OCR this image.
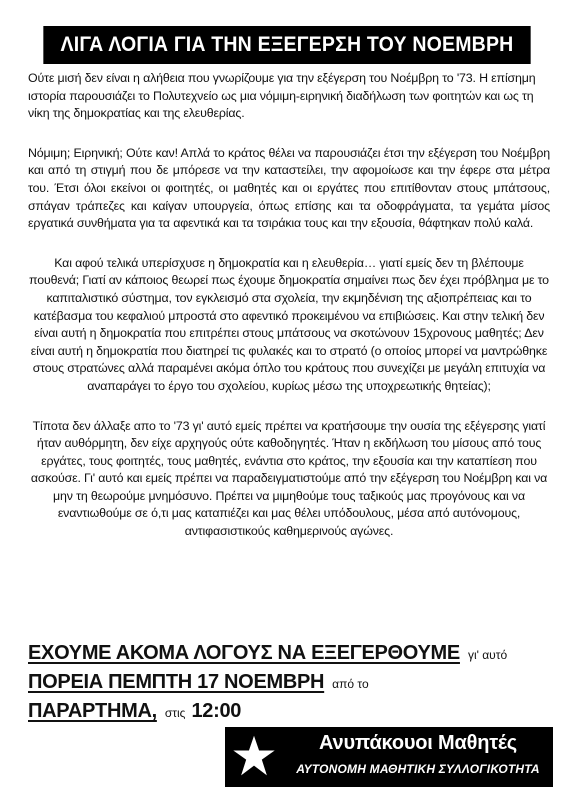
ΛΙΓΑ ΛΟΓΙΑ ΓΙΑ ΤΗΝ ΕΞΕΓΕΡΣΗ ΤΟΥ ΝΟΕΜΒΡΗ

Ούτε μισή δεν είναι η αλήθεια που γνωρίζουμε για την εξέγερση του Νοέμβρη το '73. Η επίσημη ιστορία παρουσιάζει το Πολυτεχνείο ως μια νόμιμη-ειρηνική διαδήλωση των φοιτητών και ως τη νίκη της δημοκρατίας και της ελευθερίας.

Νόμιμη; Ειρηνική; Ούτε καν! Απλά το κράτος θέλει να παρουσιάζει έτσι την εξέγερση του Νοέμβρη και από τη στιγμή που δε μπόρεσε να την καταστείλει, την αφομοίωσε και την έφερε στα μέτρα του. Έτσι όλοι εκείνοι οι φοιτητές, οι μαθητές και οι εργάτες που επιτίθονταν στους μπάτσους, σπάγαν τράπεζες και καίγαν υπουργεία, όπως επίσης και τα οδοφράγματα, τα γεμάτα μίσος εργατικά συνθήματα για τα αφεντικά και τα τσιράκια τους και την εξουσία, θάφτηκαν πολύ καλά.

Και αφού τελικά υπερίσχυσε η δημοκρατία και η ελευθερία… γιατί εμείς δεν τη βλέπουμε πουθενά; Γιατί αν κάποιος θεωρεί πως έχουμε δημοκρατία σημαίνει πως δεν έχει πρόβλημα με το καπιταλιστικό σύστημα, τον εγκλεισμό στα σχολεία, την εκμηδένιση της αξιοπρέπειας και το κατέβασμα του κεφαλιού μπροστά στο αφεντικό προκειμένου να επιβιώσεις. Και στην τελική δεν είναι αυτή η δημοκρατία που επιτρέπει στους μπάτσους να σκοτώνουν 15χρονους μαθητές; Δεν είναι αυτή η δημοκρατία που διατηρεί τις φυλακές και το στρατό (ο οποίος μπορεί να μαντρώθηκε στους στρατώνες αλλά παραμένει ακόμα όπλο του κράτους που συνεχίζει με μεγάλη επιτυχία να αναπαράγει το έργο του σχολείου, κυρίως μέσω της υποχρεωτικής θητείας);

Τίποτα δεν άλλαξε απο το '73 γι' αυτό εμείς πρέπει να κρατήσουμε την ουσία της εξέγερσης γιατί ήταν αυθόρμητη, δεν είχε αρχηγούς ούτε καθοδηγητές. Ήταν η εκδήλωση του μίσους από τους εργάτες, τους φοιτητές, τους μαθητές, ενάντια στο κράτος, την εξουσία και την καταπίεση που ασκούσε. Γι' αυτό και εμείς πρέπει να παραδειγματιστούμε από την εξέγερση του Νοέμβρη και να μην τη θεωρούμε μνημόσυνο. Πρέπει να μιμηθούμε τους ταξικούς μας προγόνους και να εναντιωθούμε σε ό,τι μας καταπιέζει και μας θέλει υπόδουλους, μέσα από αυτόνομους, αντιφασιστικούς καθημερινούς αγώνες.

ΕΧΟΥΜΕ ΑΚΟΜΑ ΛΟΓΟΥΣ ΝΑ ΕΞΕΓΕΡΘΟΥΜΕ γι' αυτό
ΠΟΡΕΙΑ ΠΕΜΠΤΗ 17 ΝΟΕΜΒΡΗ από το
ΠΑΡΑΡΤΗΜΑ, στις 12:00
Ανυπάκουοι Μαθητές
ΑΥΤΟΝΟΜΗ ΜΑΘΗΤΙΚΗ ΣΥΛΛΟΓΙΚΟΤΗΤΑ
